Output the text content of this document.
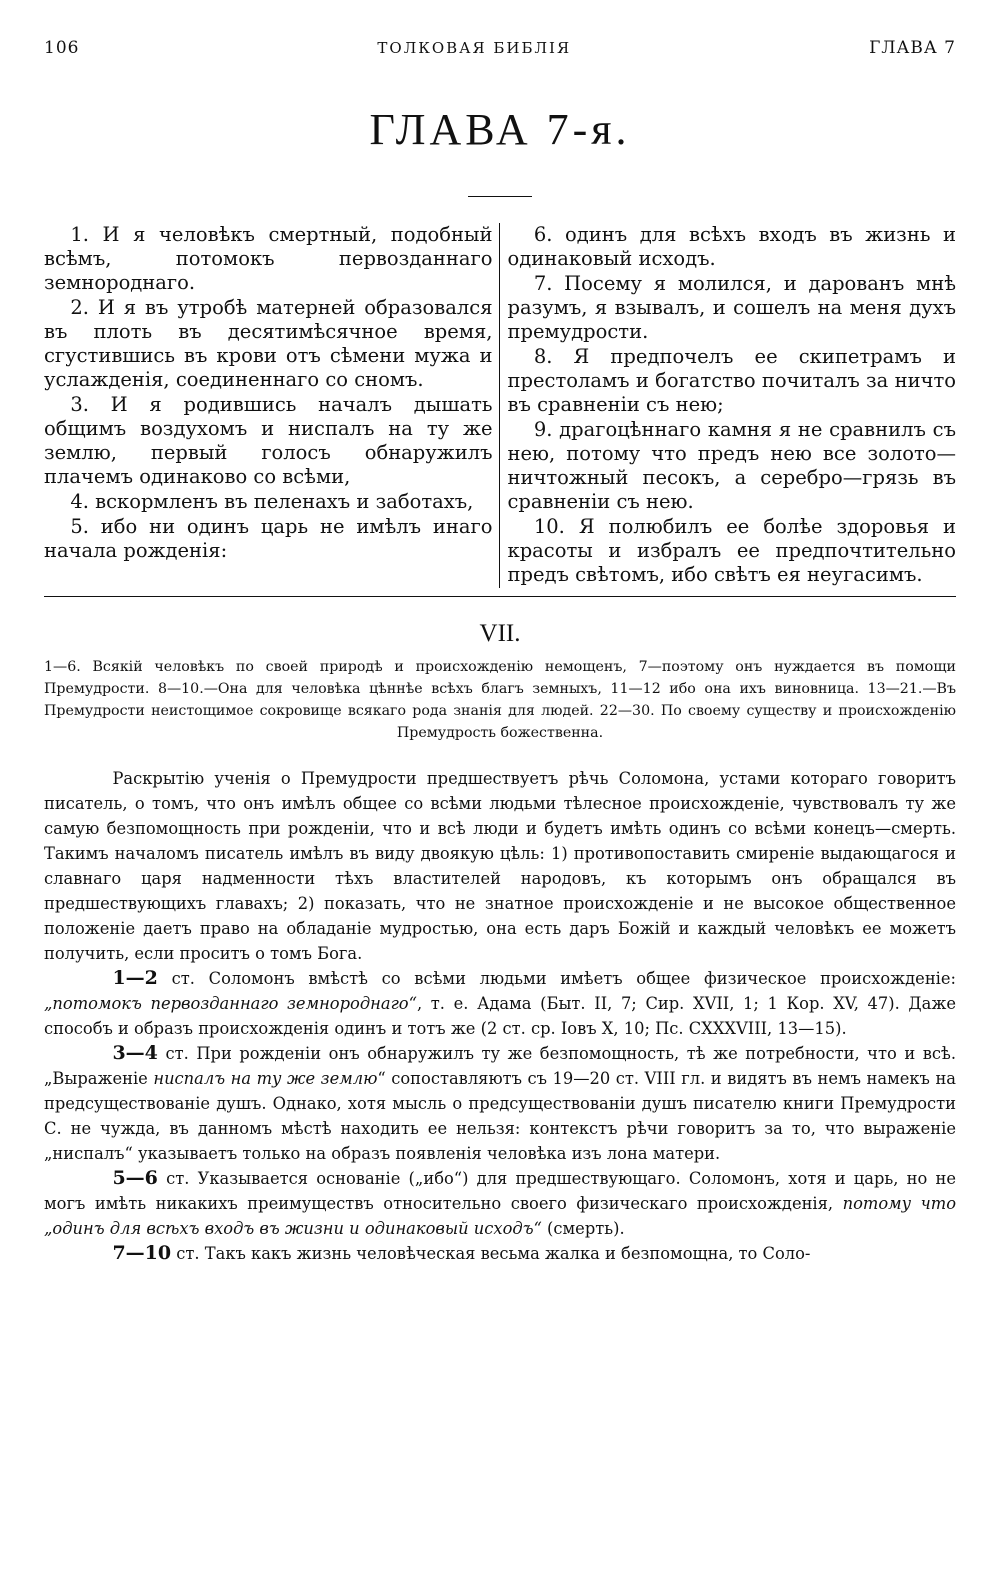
106	ТОЛКОВАЯ БИБЛІЯ	ГЛАВА 7
ГЛАВА 7-я.

1. И я человѣкъ смертный, подобный всѣмъ, потомокъ первозданнаго земнороднаго.

2. И я въ утробѣ матерней образовался въ плоть въ десятимѣсячное время, сгустившись въ крови отъ сѣмени мужа и услажденія, соединеннаго со сномъ.

3. И я родившись началъ дышать общимъ воздухомъ и ниспалъ на ту же землю, первый голосъ обнаружилъ плачемъ одинаково со всѣми,

4. вскормленъ въ пеленахъ и заботахъ,

5. ибо ни одинъ царь не имѣлъ инаго начала рожденія:

6. одинъ для всѣхъ входъ въ жизнь и одинаковый исходъ.

7. Посему я молился, и дарованъ мнѣ разумъ, я взывалъ, и сошелъ на меня духъ премудрости.

8. Я предпочелъ ее скипетрамъ и престоламъ и богатство почиталъ за ничто въ сравненіи съ нею;

9. драгоцѣннаго камня я не сравнилъ съ нею, потому что предъ нею все золото—ничтожный песокъ, а серебро—грязь въ сравненіи съ нею.

10. Я полюбилъ ее болѣе здоровья и красоты и избралъ ее предпочтительно предъ свѣтомъ, ибо свѣтъ ея неугасимъ.

VII.
1—6. Всякій человѣкъ по своей природѣ и происхожденію немощенъ, 7—поэтому онъ нуждается въ помощи Премудрости. 8—10.—Она для человѣка цѣннѣе всѣхъ благъ земныхъ, 11—12 ибо она ихъ виновница. 13—21.—Въ Премудрости неистощимое сокровище всякаго рода знанія для людей. 22—30. По своему существу и происхожденію Премудрость божественна.

Раскрытію ученія о Премудрости предшествуетъ рѣчь Соломона, устами котораго говоритъ писатель, о томъ, что онъ имѣлъ общее со всѣми людьми тѣлесное происхожденіе, чувствовалъ ту же самую безпомощность при рожденіи, что и всѣ люди и будетъ имѣть одинъ со всѣми конецъ—смерть. Такимъ началомъ писатель имѣлъ въ виду двоякую цѣль: 1) противопоставить смиреніе выдающагося и славнаго царя надменности тѣхъ властителей народовъ, къ которымъ онъ обращался въ предшествующихъ главахъ; 2) показать, что не знатное происхожденіе и не высокое общественное положеніе даетъ право на обладаніе мудростью, она есть даръ Божій и каждый человѣкъ ее можетъ получить, если проситъ о томъ Бога.

1—2 ст. Соломонъ вмѣстѣ со всѣми людьми имѣетъ общее физическое происхожденіе: „потомокъ первозданнаго земнороднаго“, т. е. Адама (Быт. II, 7; Сир. XVII, 1; 1 Кор. XV, 47). Даже способъ и образъ происхожденія одинъ и тотъ же (2 ст. ср. Іовъ X, 10; Пс. CXXXVIII, 13—15).

3—4 ст. При рожденіи онъ обнаружилъ ту же безпомощность, тѣ же потребности, что и всѣ. „Выраженіе ниспалъ на ту же землю“ сопоставляютъ съ 19—20 ст. VIII гл. и видятъ въ немъ намекъ на предсуществованіе душъ. Однако, хотя мысль о предсуществованіи душъ писателю книги Премудрости С. не чужда, въ данномъ мѣстѣ находить ее нельзя: контекстъ рѣчи говоритъ за то, что выраженіе „ниспалъ“ указываетъ только на образъ появленія человѣка изъ лона матери.

5—6 ст. Указывается основаніе („ибо“) для предшествующаго. Соломонъ, хотя и царь, но не могъ имѣть никакихъ преимуществъ относительно своего физическаго происхожденія, потому что „одинъ для всѣхъ входъ въ жизни и одинаковый исходъ“ (смерть).

7—10 ст. Такъ какъ жизнь человѣческая весьма жалка и безпомощна, то Соло-
